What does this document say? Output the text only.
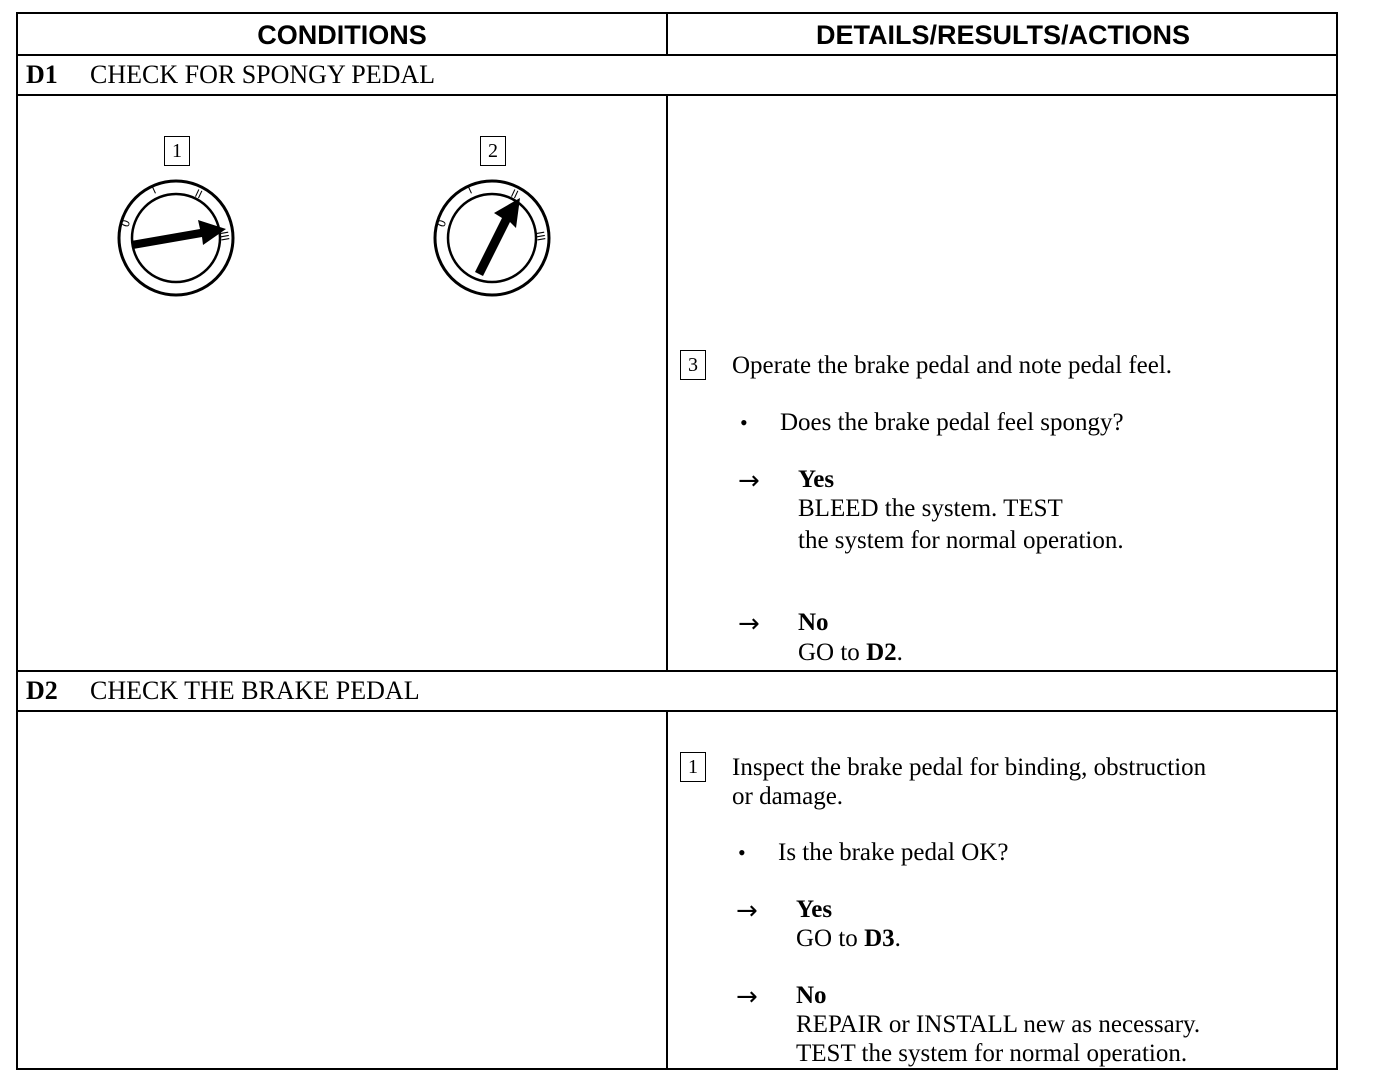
CONDITIONS	DETAILS/RESULTS/ACTIONS
D1 CHECK FOR SPONGY PEDAL
1	2
0
I	II
III
0
I	II
III
3	Operate the brake pedal and note pedal feel.
• Does the brake pedal feel spongy?
→ Yes
BLEED the system. TEST
the system for normal operation.
→ No
GO to D2.
D2 CHECK THE BRAKE PEDAL
1	Inspect the brake pedal for binding, obstruction
or damage.
• Is the brake pedal OK?
→ Yes
GO to D3.
→ No
REPAIR or INSTALL new as necessary.
TEST the system for normal operation.
